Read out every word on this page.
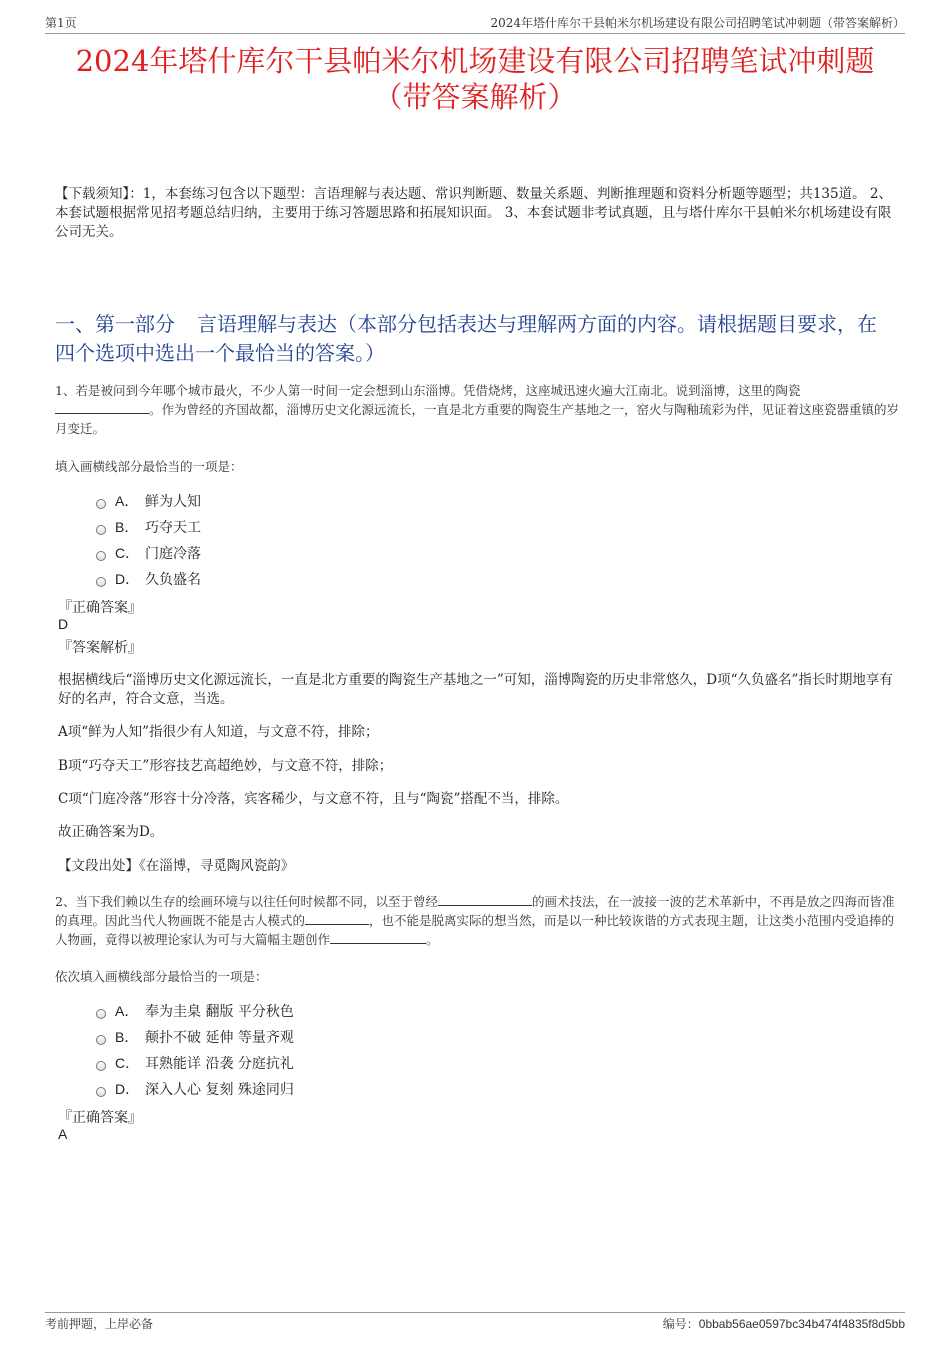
第1页	2024年塔什库尔干县帕米尔机场建设有限公司招聘笔试冲刺题（带答案解析）
2024年塔什库尔干县帕米尔机场建设有限公司招聘笔试冲刺题
（带答案解析）
【下载须知】：1，本套练习包含以下题型：言语理解与表达题、常识判断题、数量关系题、判断推理题和资料分析题等题型；共135道。 2、本套试题根据常见招考题总结归纳，主要用于练习答题思路和拓展知识面。 3、本套试题非考试真题，且与塔什库尔干县帕米尔机场建设有限公司无关。
一、第一部分 言语理解与表达（本部分包括表达与理解两方面的内容。请根据题目要求，在四个选项中选出一个最恰当的答案。）
1、若是被问到今年哪个城市最火，不少人第一时间一定会想到山东淄博。凭借烧烤，这座城迅速火遍大江南北。说到淄博，这里的陶瓷
。作为曾经的齐国故都，淄博历史文化源远流长，一直是北方重要的陶瓷生产基地之一，窑火与陶釉琉彩为伴，见证着这座瓷器重镇的岁月变迁。
填入画横线部分最恰当的一项是：
A． 鲜为人知
B． 巧夺天工
C． 门庭冷落
D． 久负盛名
『正确答案』
D
『答案解析』
根据横线后“淄博历史文化源远流长，一直是北方重要的陶瓷生产基地之一”可知，淄博陶瓷的历史非常悠久，D项“久负盛名”指长时期地享有好的名声，符合文意，当选。
A项“鲜为人知”指很少有人知道，与文意不符，排除；
B项“巧夺天工”形容技艺高超绝妙，与文意不符，排除；
C项“门庭冷落”形容十分冷落，宾客稀少，与文意不符，且与“陶瓷”搭配不当，排除。
故正确答案为D。
【文段出处】《在淄博，寻觅陶风瓷韵》
2、当下我们赖以生存的绘画环境与以往任何时候都不同，以至于曾经	的画术技法，在一波接一波的艺术革新中，不再是放之四海而皆准的真理。因此当代人物画既不能是古人模式的	，也不能是脱离实际的想当然，而是以一种比较诙谐的方式表现主题，让这类小范围内受追捧的人物画，竟得以被理论家认为可与大篇幅主题创作	。
依次填入画横线部分最恰当的一项是：
A． 奉为圭臬 翻版 平分秋色
B． 颠扑不破 延伸 等量齐观
C． 耳熟能详 沿袭 分庭抗礼
D． 深入人心 复刻 殊途同归
『正确答案』
A
考前押题，上岸必备	编号：0bbab56ae0597bc34b474f4835f8d5bb
